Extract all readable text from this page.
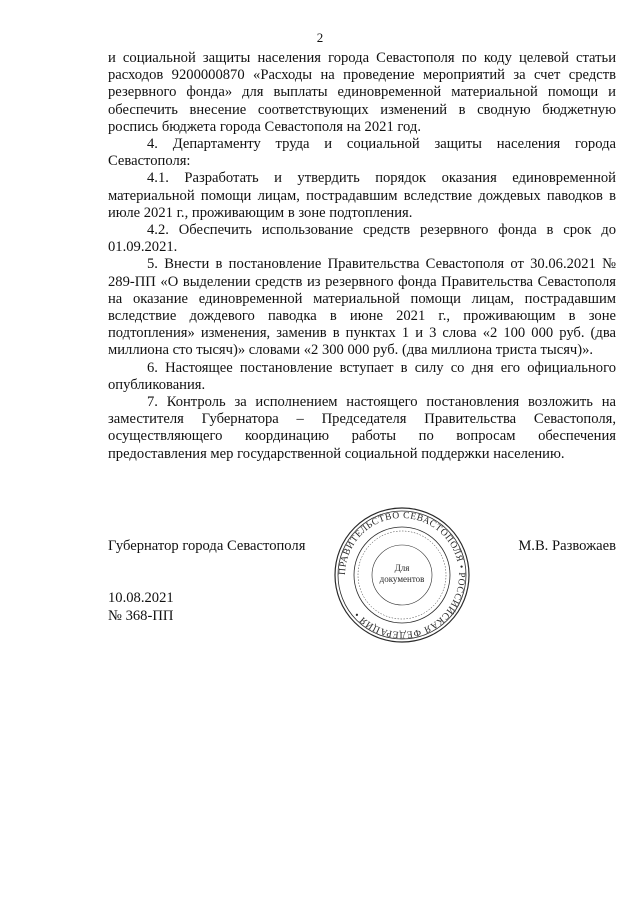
2

и социальной защиты населения города Севастополя по коду целевой статьи расходов 9200000870 «Расходы на проведение мероприятий за счет средств резервного фонда» для выплаты единовременной материальной помощи и обеспечить внесение соответствующих изменений в сводную бюджетную роспись бюджета города Севастополя на 2021 год.

4. Департаменту труда и социальной защиты населения города Севастополя:

4.1. Разработать и утвердить порядок оказания единовременной материальной помощи лицам, пострадавшим вследствие дождевых паводков в июле 2021 г., проживающим в зоне подтопления.

4.2. Обеспечить использование средств резервного фонда в срок до 01.09.2021.

5. Внести в постановление Правительства Севастополя от 30.06.2021 № 289-ПП «О выделении средств из резервного фонда Правительства Севастополя на оказание единовременной материальной помощи лицам, пострадавшим вследствие дождевого паводка в июне 2021 г., проживающим в зоне подтопления» изменения, заменив в пунктах 1 и 3 слова «2 100 000 руб. (два миллиона сто тысяч)» словами «2 300 000 руб. (два миллиона триста тысяч)».

6. Настоящее постановление вступает в силу со дня его официального опубликования.

7. Контроль за исполнением настоящего постановления возложить на заместителя Губернатора – Председателя Правительства Севастополя, осуществляющего координацию работы по вопросам обеспечения предоставления мер государственной социальной поддержки населению.

Губернатор города Севастополя	М.В. Развожаев
ПРАВИТЕЛЬСТВО СЕВАСТОПОЛЯ • РОССИЙСКАЯ ФЕДЕРАЦИЯ •
Для
документов
10.08.2021
№ 368-ПП
